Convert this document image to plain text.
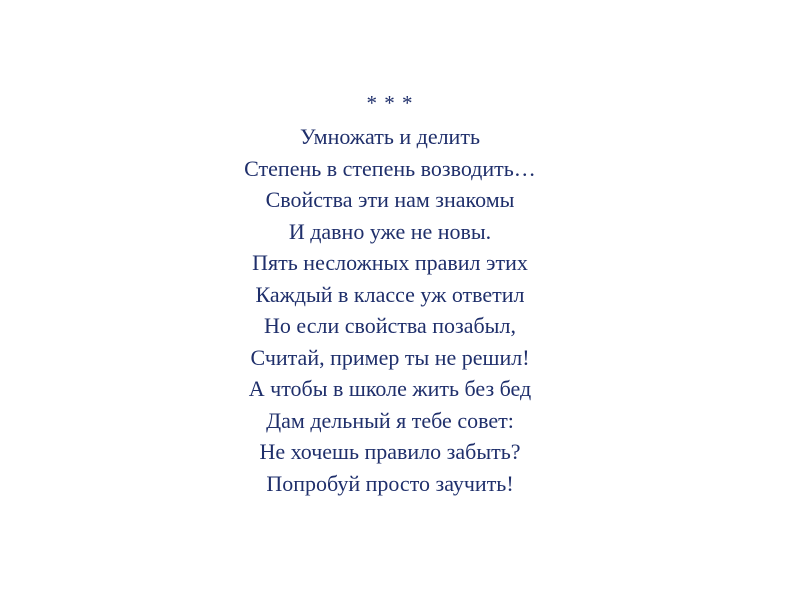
* * *
Умножать и делить
Степень в степень возводить…
Свойства эти нам знакомы
И давно уже не новы.
Пять несложных правил этих
Каждый в классе уж ответил
Но если свойства позабыл,
Считай, пример ты не решил!
А чтобы в школе жить без бед
Дам дельный я тебе совет:
Не хочешь правило забыть?
Попробуй просто заучить!
